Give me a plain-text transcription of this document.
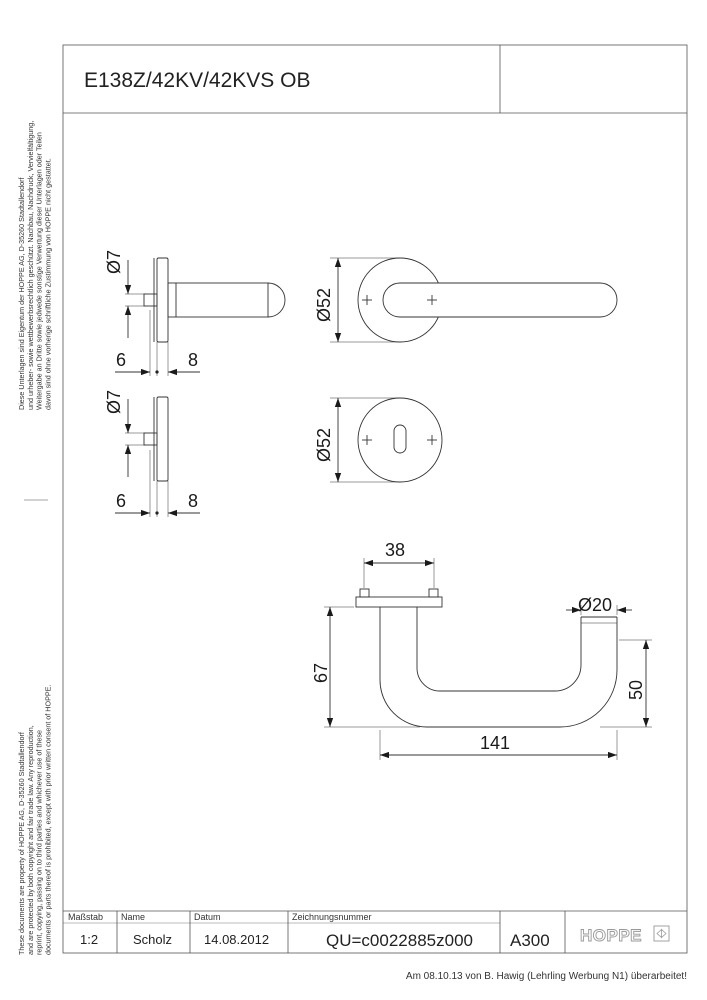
E138Z/42KV/42KVS OB
Diese Unterlagen sind Eigentum der HOPPE AG, D-35260 Stadtallendorf und urheber- sowie wettbewerbsrechtlich geschützt. Nachbau, Nachdruck, Vervielfältigung, Weitergabe an Dritte sowie jedwede sonstige Verwertung dieser Unterlagen oder Teilen davon sind ohne vorherige schriftliche Zustimmung von HOPPE nicht gestattet.
These documents are property of HOPPE AG, D-35260 Stadtallendorf and are protected by both copyright and fair trade law. Any reproduction, reprint, copying, passing on to third parties and whichever use of these documents or parts thereof is prohibited, except with prior written consent of HOPPE.
Ø7
6	8
Ø7
6	8
Ø52
Ø52
38
Ø20
67
50
141
Maßstab
1:2
Name
Scholz
Datum
14.08.2012
Zeichnungsnummer
QU=c0022885z000 A300 HOPPE
Am 08.10.13 von B. Hawig (Lehrling Werbung N1) überarbeitet!
